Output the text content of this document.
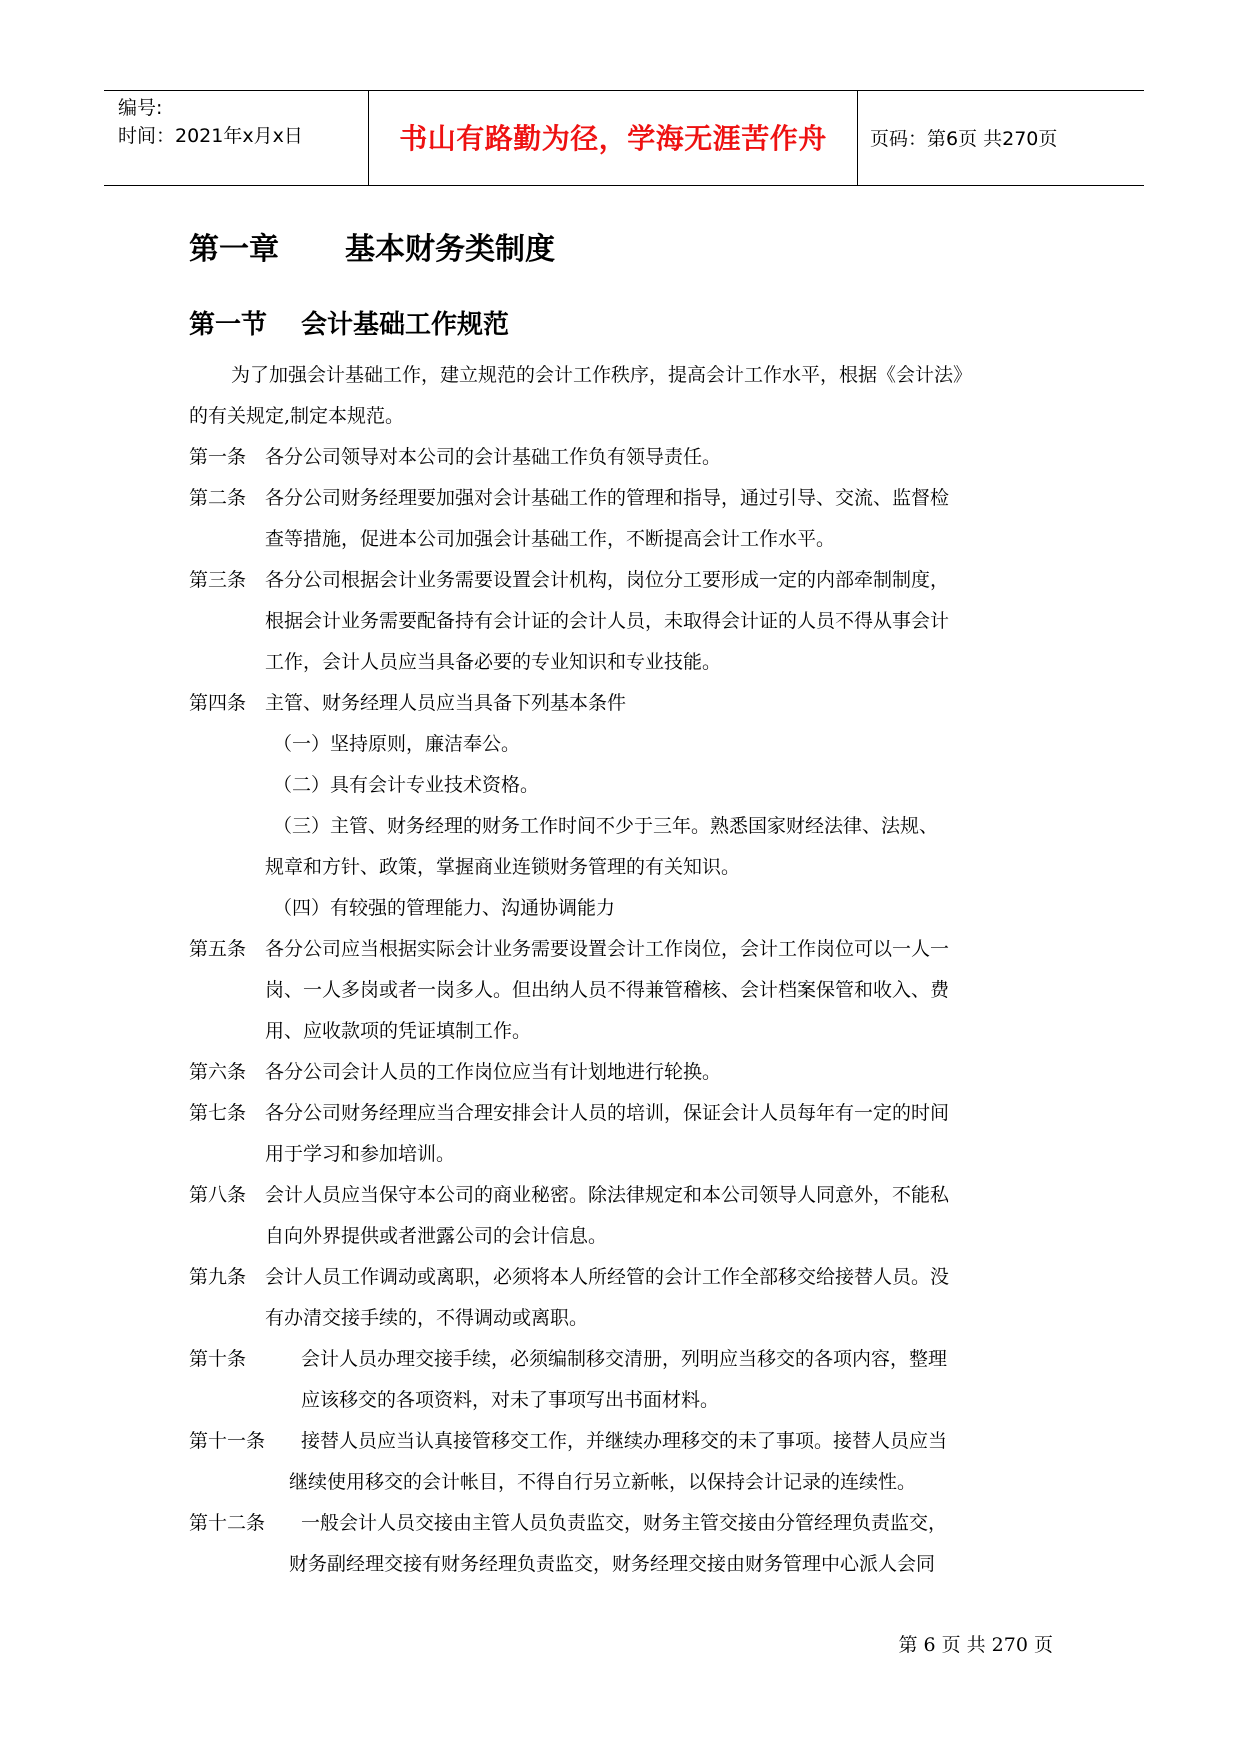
编号:
时间：2021年x月x日	书山有路勤为径，学海无涯苦作舟	页码：第6页 共270页
第一章 基本财务类制度
第一节 会计基础工作规范
为了加强会计基础工作，建立规范的会计工作秩序，提高会计工作水平，根据《会计法》
的有关规定,制定本规范。
第一条 各分公司领导对本公司的会计基础工作负有领导责任。
第二条 各分公司财务经理要加强对会计基础工作的管理和指导，通过引导、交流、监督检
查等措施，促进本公司加强会计基础工作，不断提高会计工作水平。
第三条 各分公司根据会计业务需要设置会计机构，岗位分工要形成一定的内部牵制制度，
根据会计业务需要配备持有会计证的会计人员，未取得会计证的人员不得从事会计
工作，会计人员应当具备必要的专业知识和专业技能。
第四条 主管、财务经理人员应当具备下列基本条件
（一）坚持原则，廉洁奉公。
（二）具有会计专业技术资格。
（三）主管、财务经理的财务工作时间不少于三年。熟悉国家财经法律、法规、
规章和方针、政策，掌握商业连锁财务管理的有关知识。
（四）有较强的管理能力、沟通协调能力
第五条 各分公司应当根据实际会计业务需要设置会计工作岗位，会计工作岗位可以一人一
岗、一人多岗或者一岗多人。但出纳人员不得兼管稽核、会计档案保管和收入、费
用、应收款项的凭证填制工作。
第六条 各分公司会计人员的工作岗位应当有计划地进行轮换。
第七条 各分公司财务经理应当合理安排会计人员的培训，保证会计人员每年有一定的时间
用于学习和参加培训。
第八条 会计人员应当保守本公司的商业秘密。除法律规定和本公司领导人同意外，不能私
自向外界提供或者泄露公司的会计信息。
第九条 会计人员工作调动或离职，必须将本人所经管的会计工作全部移交给接替人员。没
有办清交接手续的，不得调动或离职。
第十条	会计人员办理交接手续，必须编制移交清册，列明应当移交的各项内容，整理
应该移交的各项资料，对未了事项写出书面材料。
第十一条	接替人员应当认真接管移交工作，并继续办理移交的未了事项。接替人员应当
继续使用移交的会计帐目，不得自行另立新帐，以保持会计记录的连续性。
第十二条	一般会计人员交接由主管人员负责监交，财务主管交接由分管经理负责监交，
财务副经理交接有财务经理负责监交，财务经理交接由财务管理中心派人会同
第 6 页 共 270 页
